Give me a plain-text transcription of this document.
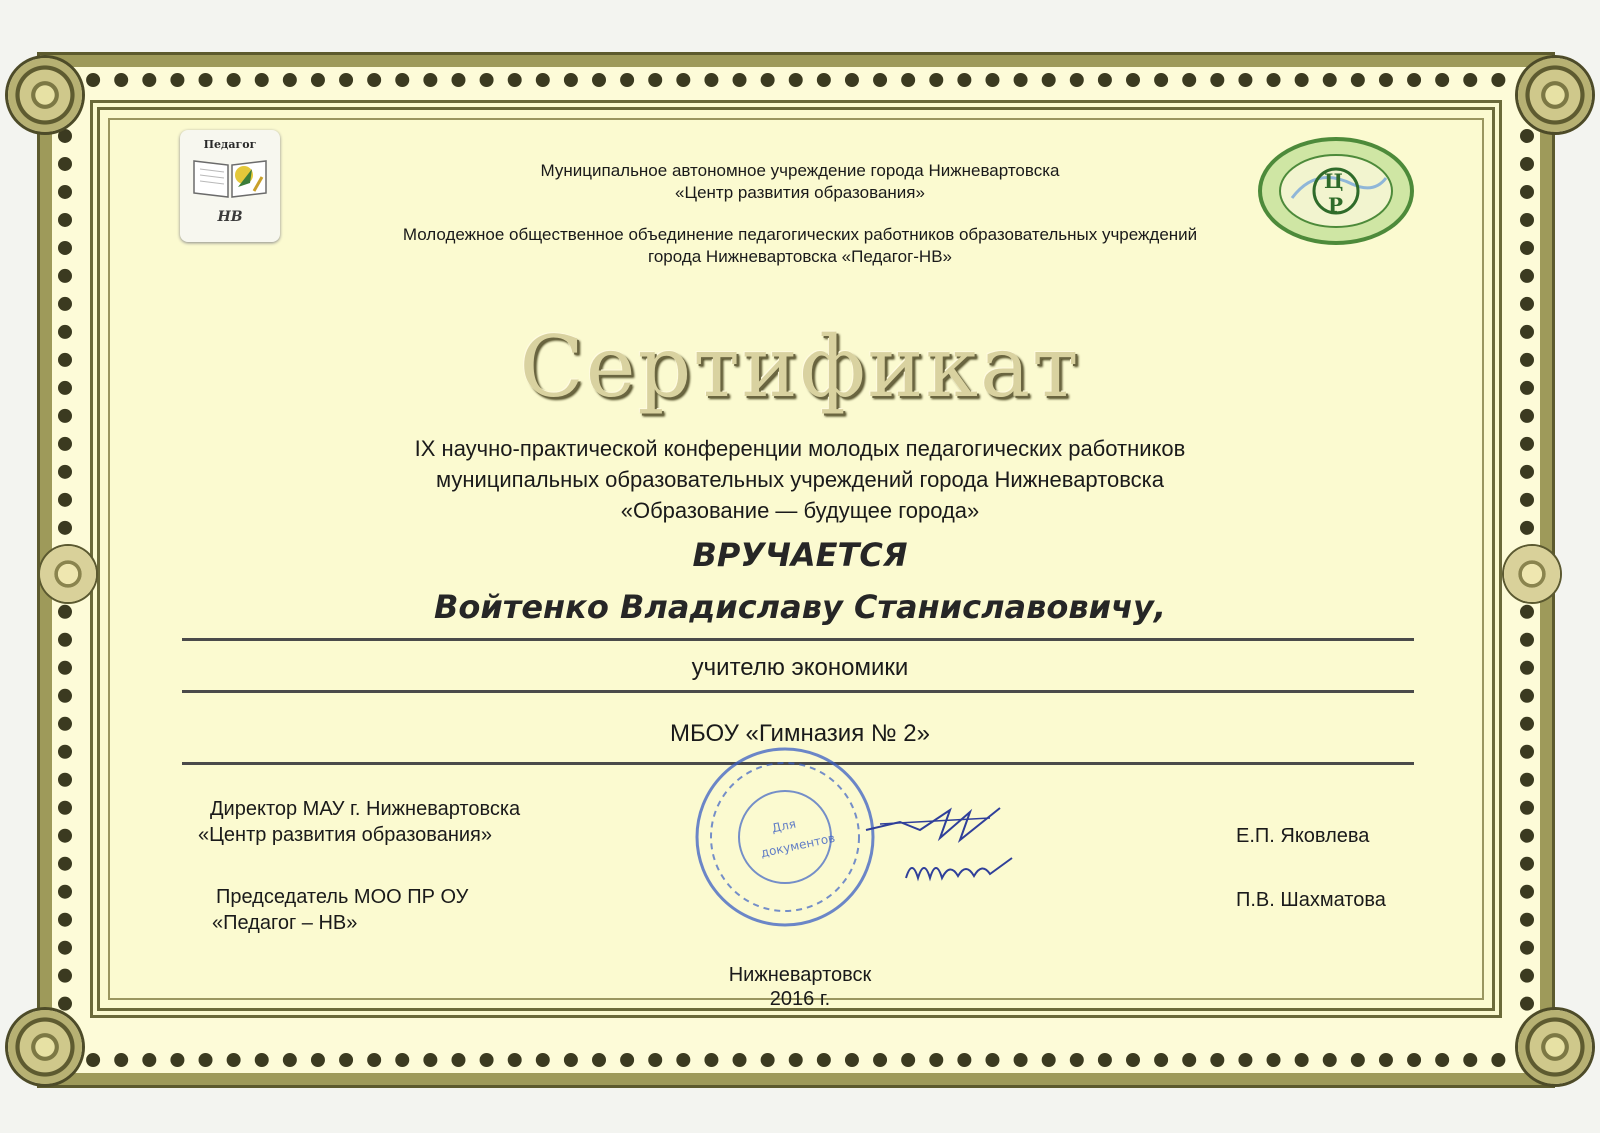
Педагог
НВ
Ц
Р
Муниципальное автономное учреждение города Нижневартовска
«Центр развития образования»
Молодежное общественное объединение педагогических работников образовательных учреждений
города Нижневартовска «Педагог-НВ»
Сертификат
IX научно-практической конференции молодых педагогических работников
муниципальных образовательных учреждений города Нижневартовска
«Образование — будущее города»
ВРУЧАЕТСЯ
Войтенко Владиславу Станиславовичу,
учителю экономики
МБОУ «Гимназия № 2»
Директор МАУ г. Нижневартовска
«Центр развития образования»	Е.П. Яковлева
Председатель МОО ПР ОУ
«Педагог – НВ»
П.В. Шахматова
Для
документов
Нижневартовск
2016 г.
